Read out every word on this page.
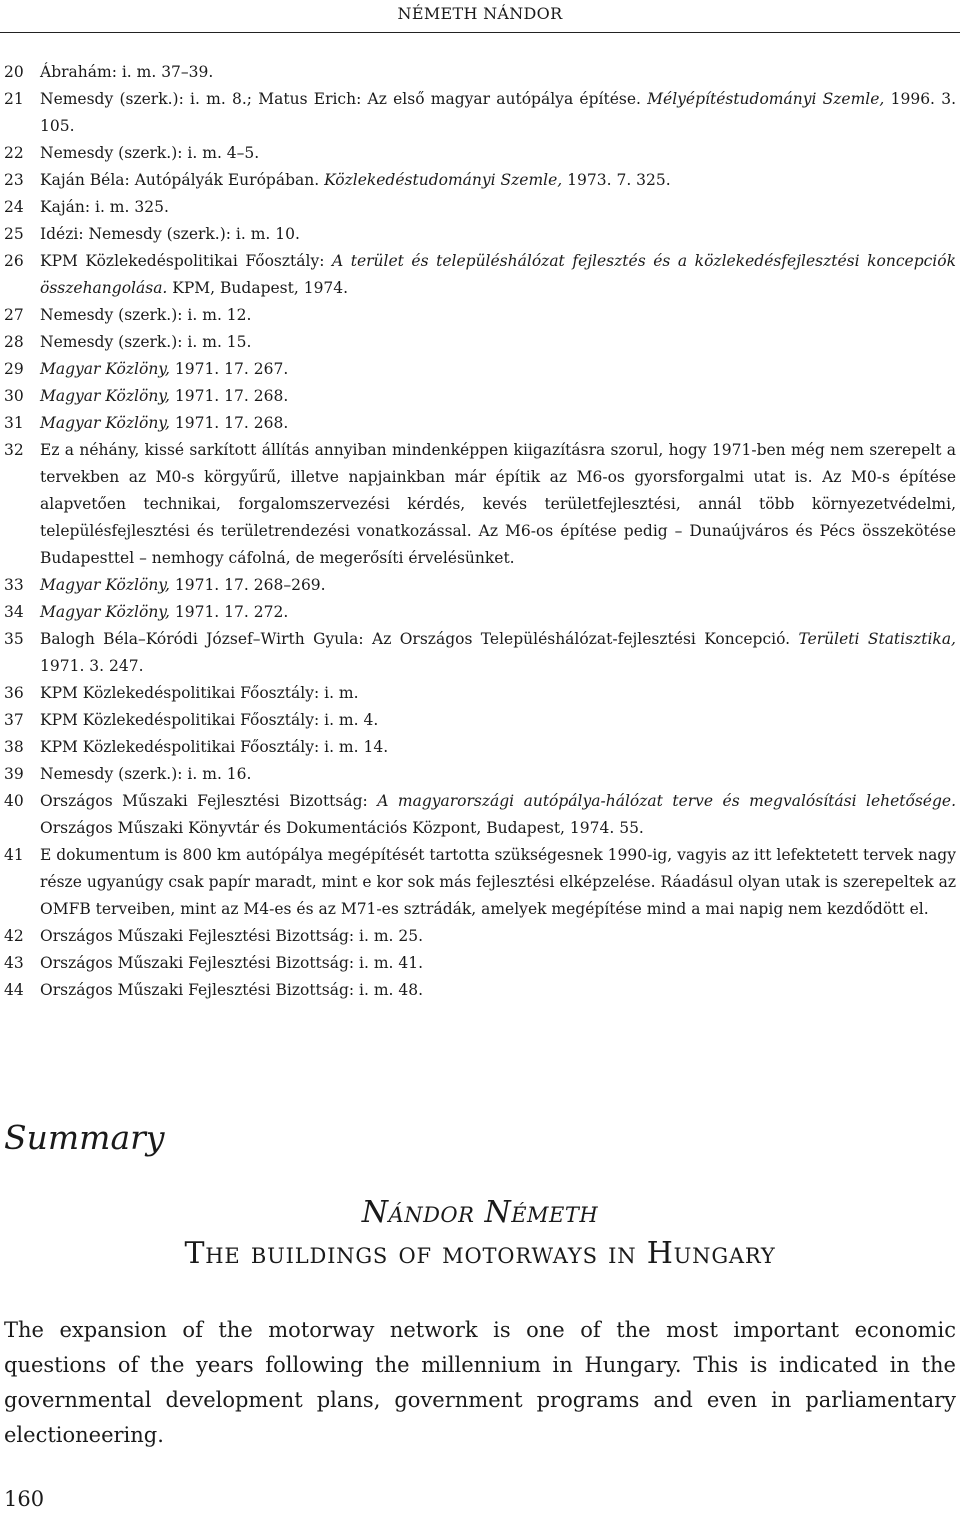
NÉMETH NÁNDOR
20	Ábrahám: i. m. 37–39.
21	Nemesdy (szerk.): i. m. 8.; Matus Erich: Az első magyar autópálya építése. Mélyépítéstudományi Szemle, 1996. 3. 105.
22	Nemesdy (szerk.): i. m. 4–5.
23	Kaján Béla: Autópályák Európában. Közlekedéstudományi Szemle, 1973. 7. 325.
24	Kaján: i. m. 325.
25	Idézi: Nemesdy (szerk.): i. m. 10.
26	KPM Közlekedéspolitikai Főosztály: A terület és településhálózat fejlesztés és a közlekedésfejlesztési koncepciók összehangolása. KPM, Budapest, 1974.
27	Nemesdy (szerk.): i. m. 12.
28	Nemesdy (szerk.): i. m. 15.
29	Magyar Közlöny, 1971. 17. 267.
30	Magyar Közlöny, 1971. 17. 268.
31	Magyar Közlöny, 1971. 17. 268.
32	Ez a néhány, kissé sarkított állítás annyiban mindenképpen kiigazításra szorul, hogy 1971-ben még nem szerepelt a tervekben az M0-s körgyűrű, illetve napjainkban már építik az M6-os gyorsforgalmi utat is. Az M0-s építése alapvetően technikai, forgalomszervezési kérdés, kevés területfejlesztési, annál több környezetvédelmi, településfejlesztési és területrendezési vonatkozással. Az M6-os építése pedig – Dunaújváros és Pécs összekötése Budapesttel – nemhogy cáfolná, de megerősíti érvelésünket.
33	Magyar Közlöny, 1971. 17. 268–269.
34	Magyar Közlöny, 1971. 17. 272.
35	Balogh Béla–Kóródi József–Wirth Gyula: Az Országos Településhálózat-fejlesztési Koncepció. Területi Statisztika, 1971. 3. 247.
36	KPM Közlekedéspolitikai Főosztály: i. m.
37	KPM Közlekedéspolitikai Főosztály: i. m. 4.
38	KPM Közlekedéspolitikai Főosztály: i. m. 14.
39	Nemesdy (szerk.): i. m. 16.
40	Országos Műszaki Fejlesztési Bizottság: A magyarországi autópálya-hálózat terve és megvalósítási lehetősége. Országos Műszaki Könyvtár és Dokumentációs Központ, Budapest, 1974. 55.
41	E dokumentum is 800 km autópálya megépítését tartotta szükségesnek 1990-ig, vagyis az itt lefektetett tervek nagy része ugyanúgy csak papír maradt, mint e kor sok más fejlesztési elképzelése. Ráadásul olyan utak is szerepeltek az OMFB terveiben, mint az M4-es és az M71-es sztrádák, amelyek megépítése mind a mai napig nem kezdődött el.
42	Országos Műszaki Fejlesztési Bizottság: i. m. 25.
43	Országos Műszaki Fejlesztési Bizottság: i. m. 41.
44	Országos Műszaki Fejlesztési Bizottság: i. m. 48.
Summary
Nándor Németh
The buildings of motorways in Hungary
The expansion of the motorway network is one of the most important economic questions of the years following the millennium in Hungary. This is indicated in the governmental development plans, government programs and even in parliamentary electioneering.
160
